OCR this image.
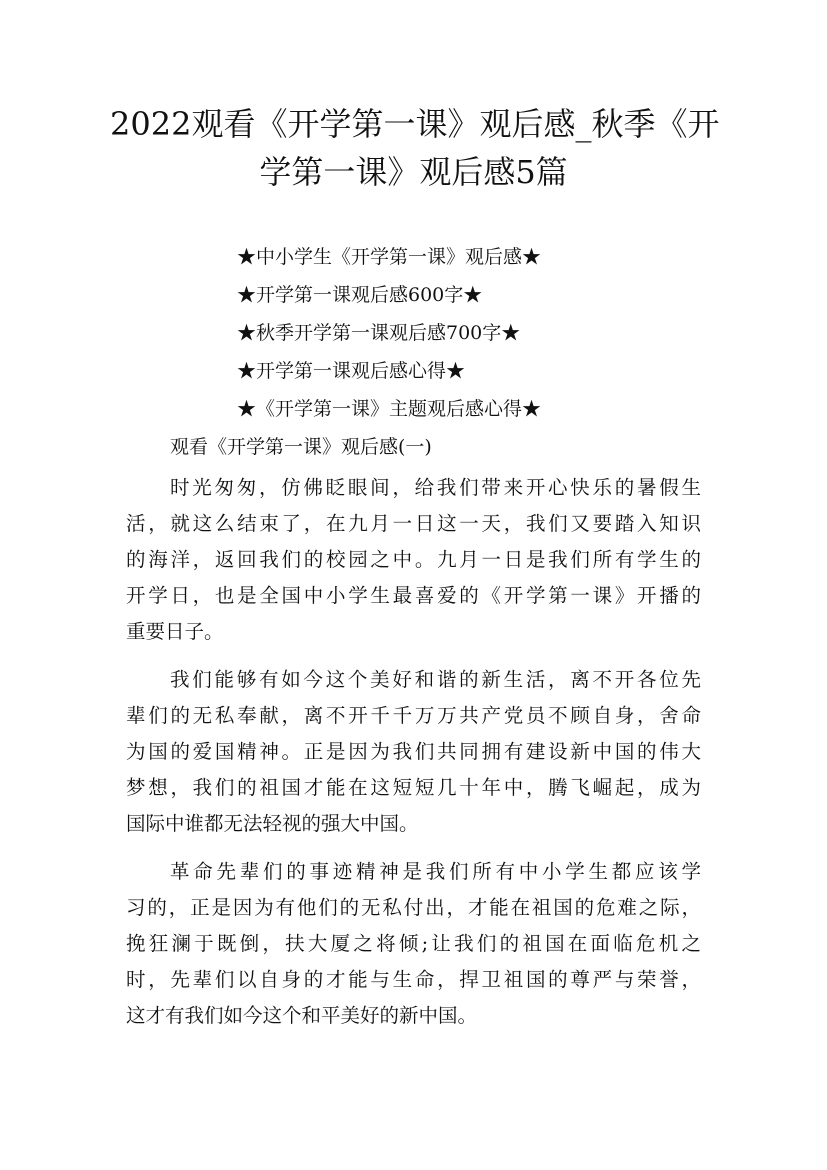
2022观看《开学第一课》观后感_秋季《开
学第一课》观后感5篇
★中小学生《开学第一课》观后感★
★开学第一课观后感600字★
★秋季开学第一课观后感700字★
★开学第一课观后感心得★
★《开学第一课》主题观后感心得★
观看《开学第一课》观后感(一)

时光匆匆，仿佛眨眼间，给我们带来开心快乐的暑假生
活，就这么结束了，在九月一日这一天，我们又要踏入知识
的海洋，返回我们的校园之中。九月一日是我们所有学生的
开学日，也是全国中小学生最喜爱的《开学第一课》开播的
重要日子。

我们能够有如今这个美好和谐的新生活，离不开各位先
辈们的无私奉献，离不开千千万万共产党员不顾自身，舍命
为国的爱国精神。正是因为我们共同拥有建设新中国的伟大
梦想，我们的祖国才能在这短短几十年中，腾飞崛起，成为
国际中谁都无法轻视的强大中国。

革命先辈们的事迹精神是我们所有中小学生都应该学
习的，正是因为有他们的无私付出，才能在祖国的危难之际，
挽狂澜于既倒，扶大厦之将倾;让我们的祖国在面临危机之
时，先辈们以自身的才能与生命，捍卫祖国的尊严与荣誉，
这才有我们如今这个和平美好的新中国。
